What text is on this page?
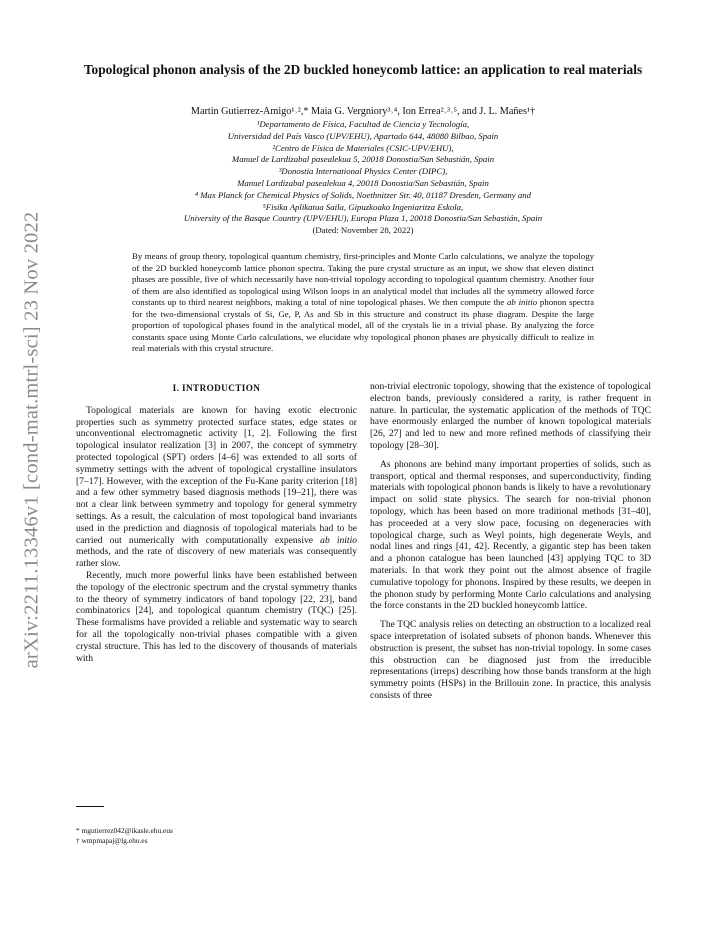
arXiv:2211.13346v1 [cond-mat.mtrl-sci] 23 Nov 2022
Topological phonon analysis of the 2D buckled honeycomb lattice: an application to real materials
Martin Gutierrez-Amigo¹˒²,* Maia G. Vergniory³˒⁴, Ion Errea²˒³˒⁵, and J. L. Mañes¹†
¹Departamento de Física, Facultad de Ciencia y Tecnología,
Universidad del País Vasco (UPV/EHU), Apartado 644, 48080 Bilbao, Spain
²Centro de Física de Materiales (CSIC-UPV/EHU),
Manuel de Lardizabal pasealekua 5, 20018 Donostia/San Sebastián, Spain
³Donostia International Physics Center (DIPC),
Manuel Lardizabal pasealekua 4, 20018 Donostia/San Sebastián, Spain
⁴ Max Planck for Chemical Physics of Solids, Noethnitzer Str. 40, 01187 Dresden, Germany and
⁵Fisika Aplikatua Saila, Gipuzkoako Ingeniaritza Eskola,
University of the Basque Country (UPV/EHU), Europa Plaza 1, 20018 Donostia/San Sebastián, Spain
(Dated: November 28, 2022)
By means of group theory, topological quantum chemistry, first-principles and Monte Carlo calculations, we analyze the topology of the 2D buckled honeycomb lattice phonon spectra. Taking the pure crystal structure as an input, we show that eleven distinct phases are possible, five of which necessarily have non-trivial topology according to topological quantum chemistry. Another four of them are also identified as topological using Wilson loops in an analytical model that includes all the symmetry allowed force constants up to third nearest neighbors, making a total of nine topological phases. We then compute the ab initio phonon spectra for the two-dimensional crystals of Si, Ge, P, As and Sb in this structure and construct its phase diagram. Despite the large proportion of topological phases found in the analytical model, all of the crystals lie in a trivial phase. By analyzing the force constants space using Monte Carlo calculations, we elucidate why topological phonon phases are physically difficult to realize in real materials with this crystal structure.
I. INTRODUCTION

Topological materials are known for having exotic electronic properties such as symmetry protected surface states, edge states or unconventional electromagnetic activity [1, 2]. Following the first topological insulator realization [3] in 2007, the concept of symmetry protected topological (SPT) orders [4–6] was extended to all sorts of symmetry settings with the advent of topological crystalline insulators [7–17]. However, with the exception of the Fu-Kane parity criterion [18] and a few other symmetry based diagnosis methods [19–21], there was not a clear link between symmetry and topology for general symmetry settings. As a result, the calculation of most topological band invariants used in the prediction and diagnosis of topological materials had to be carried out numerically with computationally expensive ab initio methods, and the rate of discovery of new materials was consequently rather slow.

Recently, much more powerful links have been established between the topology of the electronic spectrum and the crystal symmetry thanks to the theory of symmetry indicators of band topology [22, 23], band combinatorics [24], and topological quantum chemistry (TQC) [25]. These formalisms have provided a reliable and systematic way to search for all the topologically non-trivial phases compatible with a given crystal structure. This has led to the discovery of thousands of materials with

non-trivial electronic topology, showing that the existence of topological electron bands, previously considered a rarity, is rather frequent in nature. In particular, the systematic application of the methods of TQC have enormously enlarged the number of known topological materials [26, 27] and led to new and more refined methods of classifying their topology [28–30].

As phonons are behind many important properties of solids, such as transport, optical and thermal responses, and superconductivity, finding materials with topological phonon bands is likely to have a revolutionary impact on solid state physics. The search for non-trivial phonon topology, which has been based on more traditional methods [31–40], has proceeded at a very slow pace, focusing on degeneracies with topological charge, such as Weyl points, high degenerate Weyls, and nodal lines and rings [41, 42]. Recently, a gigantic step has been taken and a phonon catalogue has been launched [43] applying TQC to 3D materials. In that work they point out the almost absence of fragile cumulative topology for phonons. Inspired by these results, we deepen in the phonon study by performing Monte Carlo calculations and analysing the force constants in the 2D buckled honeycomb lattice.

The TQC analysis relies on detecting an obstruction to a localized real space interpretation of isolated subsets of phonon bands. Whenever this obstruction is present, the subset has non-trivial topology. In some cases this obstruction can be diagnosed just from the irreducible representations (irreps) describing how those bands transform at the high symmetry points (HSPs) in the Brillouin zone. In practice, this analysis consists of three

* mgutierrez042@ikasle.ehu.eus
† wmpmapaj@lg.ehu.es
